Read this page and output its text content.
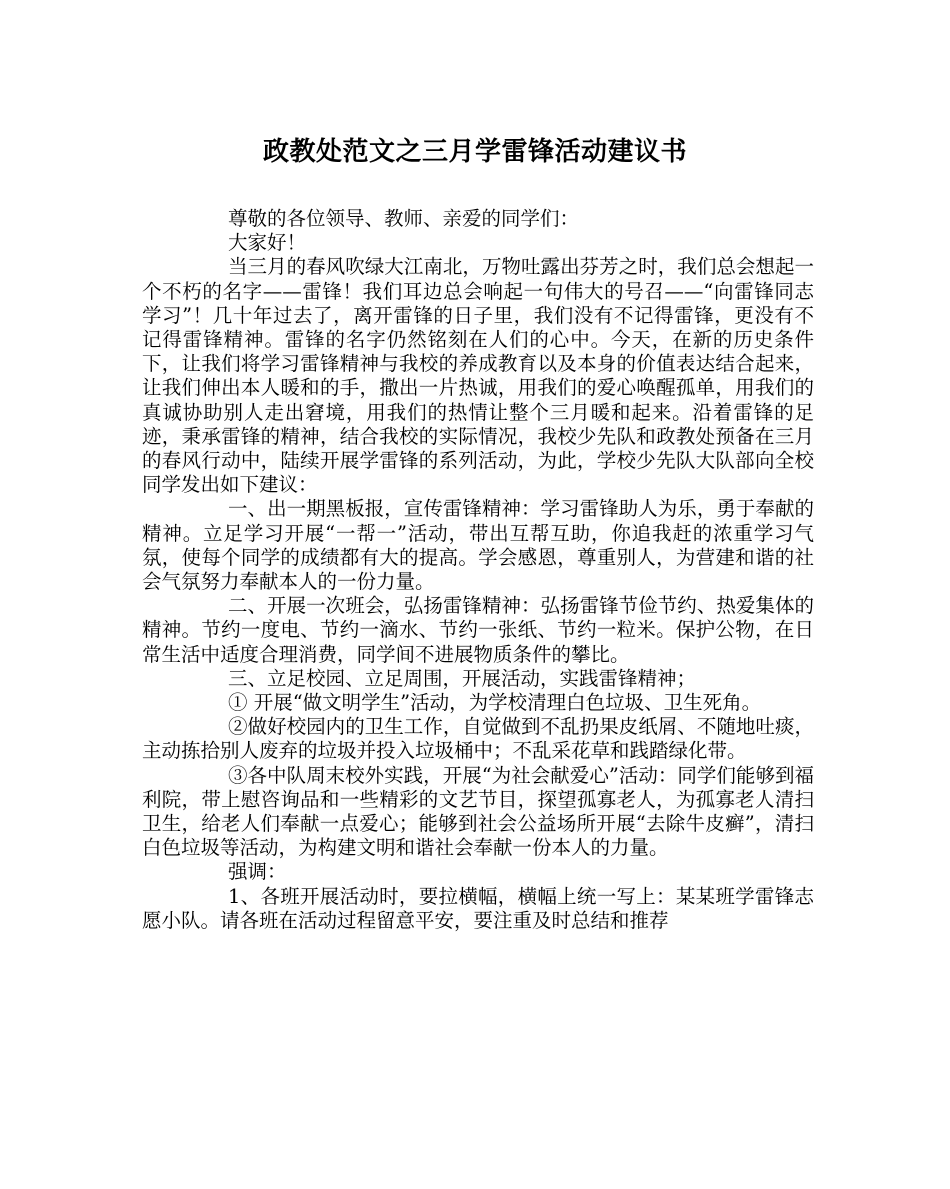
政教处范文之三月学雷锋活动建议书

尊敬的各位领导、教师、亲爱的同学们：

大家好！

当三月的春风吹绿大江南北，万物吐露出芬芳之时，我们总会想起一个不朽的名字——雷锋！我们耳边总会响起一句伟大的号召——“向雷锋同志学习”！几十年过去了，离开雷锋的日子里，我们没有不记得雷锋，更没有不记得雷锋精神。雷锋的名字仍然铭刻在人们的心中。今天，在新的历史条件下，让我们将学习雷锋精神与我校的养成教育以及本身的价值表达结合起来，让我们伸出本人暖和的手，撒出一片热诚，用我们的爱心唤醒孤单，用我们的真诚协助别人走出窘境，用我们的热情让整个三月暖和起来。沿着雷锋的足迹，秉承雷锋的精神，结合我校的实际情况，我校少先队和政教处预备在三月的春风行动中，陆续开展学雷锋的系列活动，为此，学校少先队大队部向全校同学发出如下建议：

一、出一期黑板报，宣传雷锋精神：学习雷锋助人为乐，勇于奉献的精神。立足学习开展“一帮一”活动，带出互帮互助，你追我赶的浓重学习气氛，使每个同学的成绩都有大的提高。学会感恩，尊重别人，为营建和谐的社会气氛努力奉献本人的一份力量。

二、开展一次班会，弘扬雷锋精神：弘扬雷锋节俭节约、热爱集体的精神。节约一度电、节约一滴水、节约一张纸、节约一粒米。保护公物，在日常生活中适度合理消费，同学间不进展物质条件的攀比。

三、立足校园、立足周围，开展活动，实践雷锋精神；

① 开展“做文明学生”活动，为学校清理白色垃圾、卫生死角。

②做好校园内的卫生工作，自觉做到不乱扔果皮纸屑、不随地吐痰，主动拣拾别人废弃的垃圾并投入垃圾桶中；不乱采花草和践踏绿化带。

③各中队周末校外实践，开展“为社会献爱心”活动：同学们能够到福利院，带上慰咨询品和一些精彩的文艺节目，探望孤寡老人，为孤寡老人清扫卫生，给老人们奉献一点爱心；能够到社会公益场所开展“去除牛皮癣”，清扫白色垃圾等活动，为构建文明和谐社会奉献一份本人的力量。

强调：

1、各班开展活动时，要拉横幅，横幅上统一写上：某某班学雷锋志愿小队。请各班在活动过程留意平安，要注重及时总结和推荐
